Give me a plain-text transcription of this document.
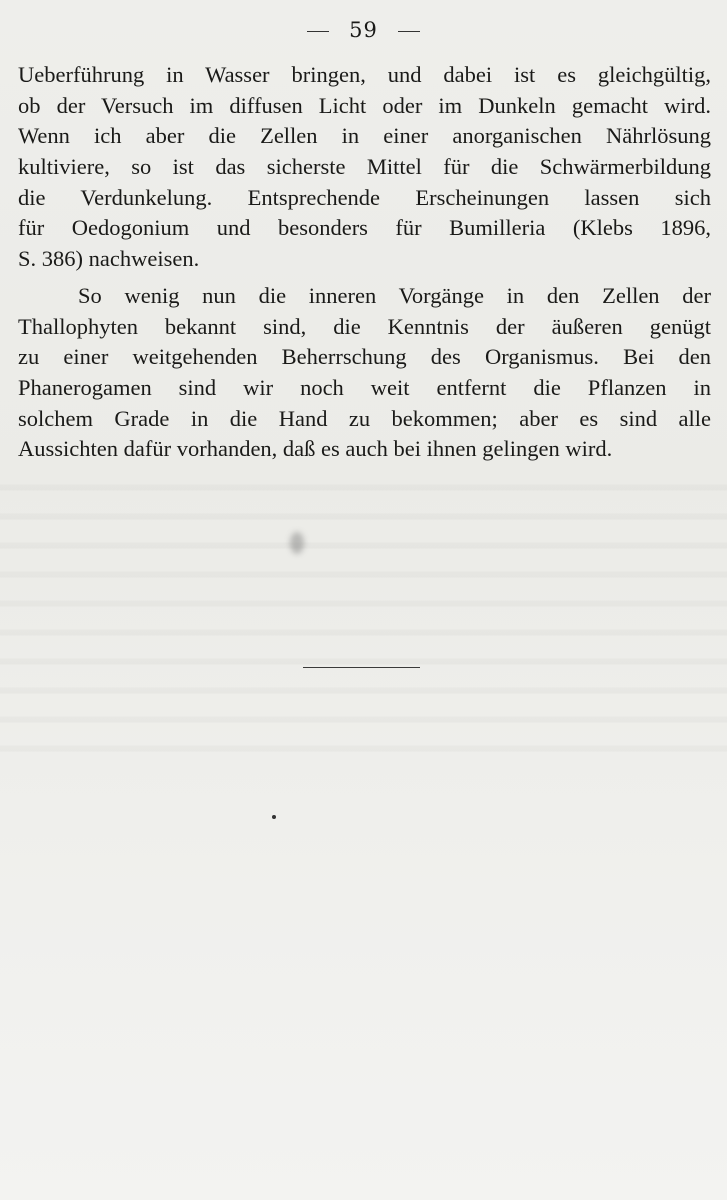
59
Ueberführung in Wasser bringen, und dabei ist es gleichgültig,
ob der Versuch im diffusen Licht oder im Dunkeln gemacht wird.
Wenn ich aber die Zellen in einer anorganischen Nährlösung
kultiviere, so ist das sicherste Mittel für die Schwärmerbildung
die Verdunkelung. Entsprechende Erscheinungen lassen sich
für Oedogonium und besonders für Bumilleria (Klebs 1896,
S. 386) nachweisen.
So wenig nun die inneren Vorgänge in den Zellen der
Thallophyten bekannt sind, die Kenntnis der äußeren genügt
zu einer weitgehenden Beherrschung des Organismus. Bei den
Phanerogamen sind wir noch weit entfernt die Pflanzen in
solchem Grade in die Hand zu bekommen; aber es sind alle
Aussichten dafür vorhanden, daß es auch bei ihnen gelingen wird.
